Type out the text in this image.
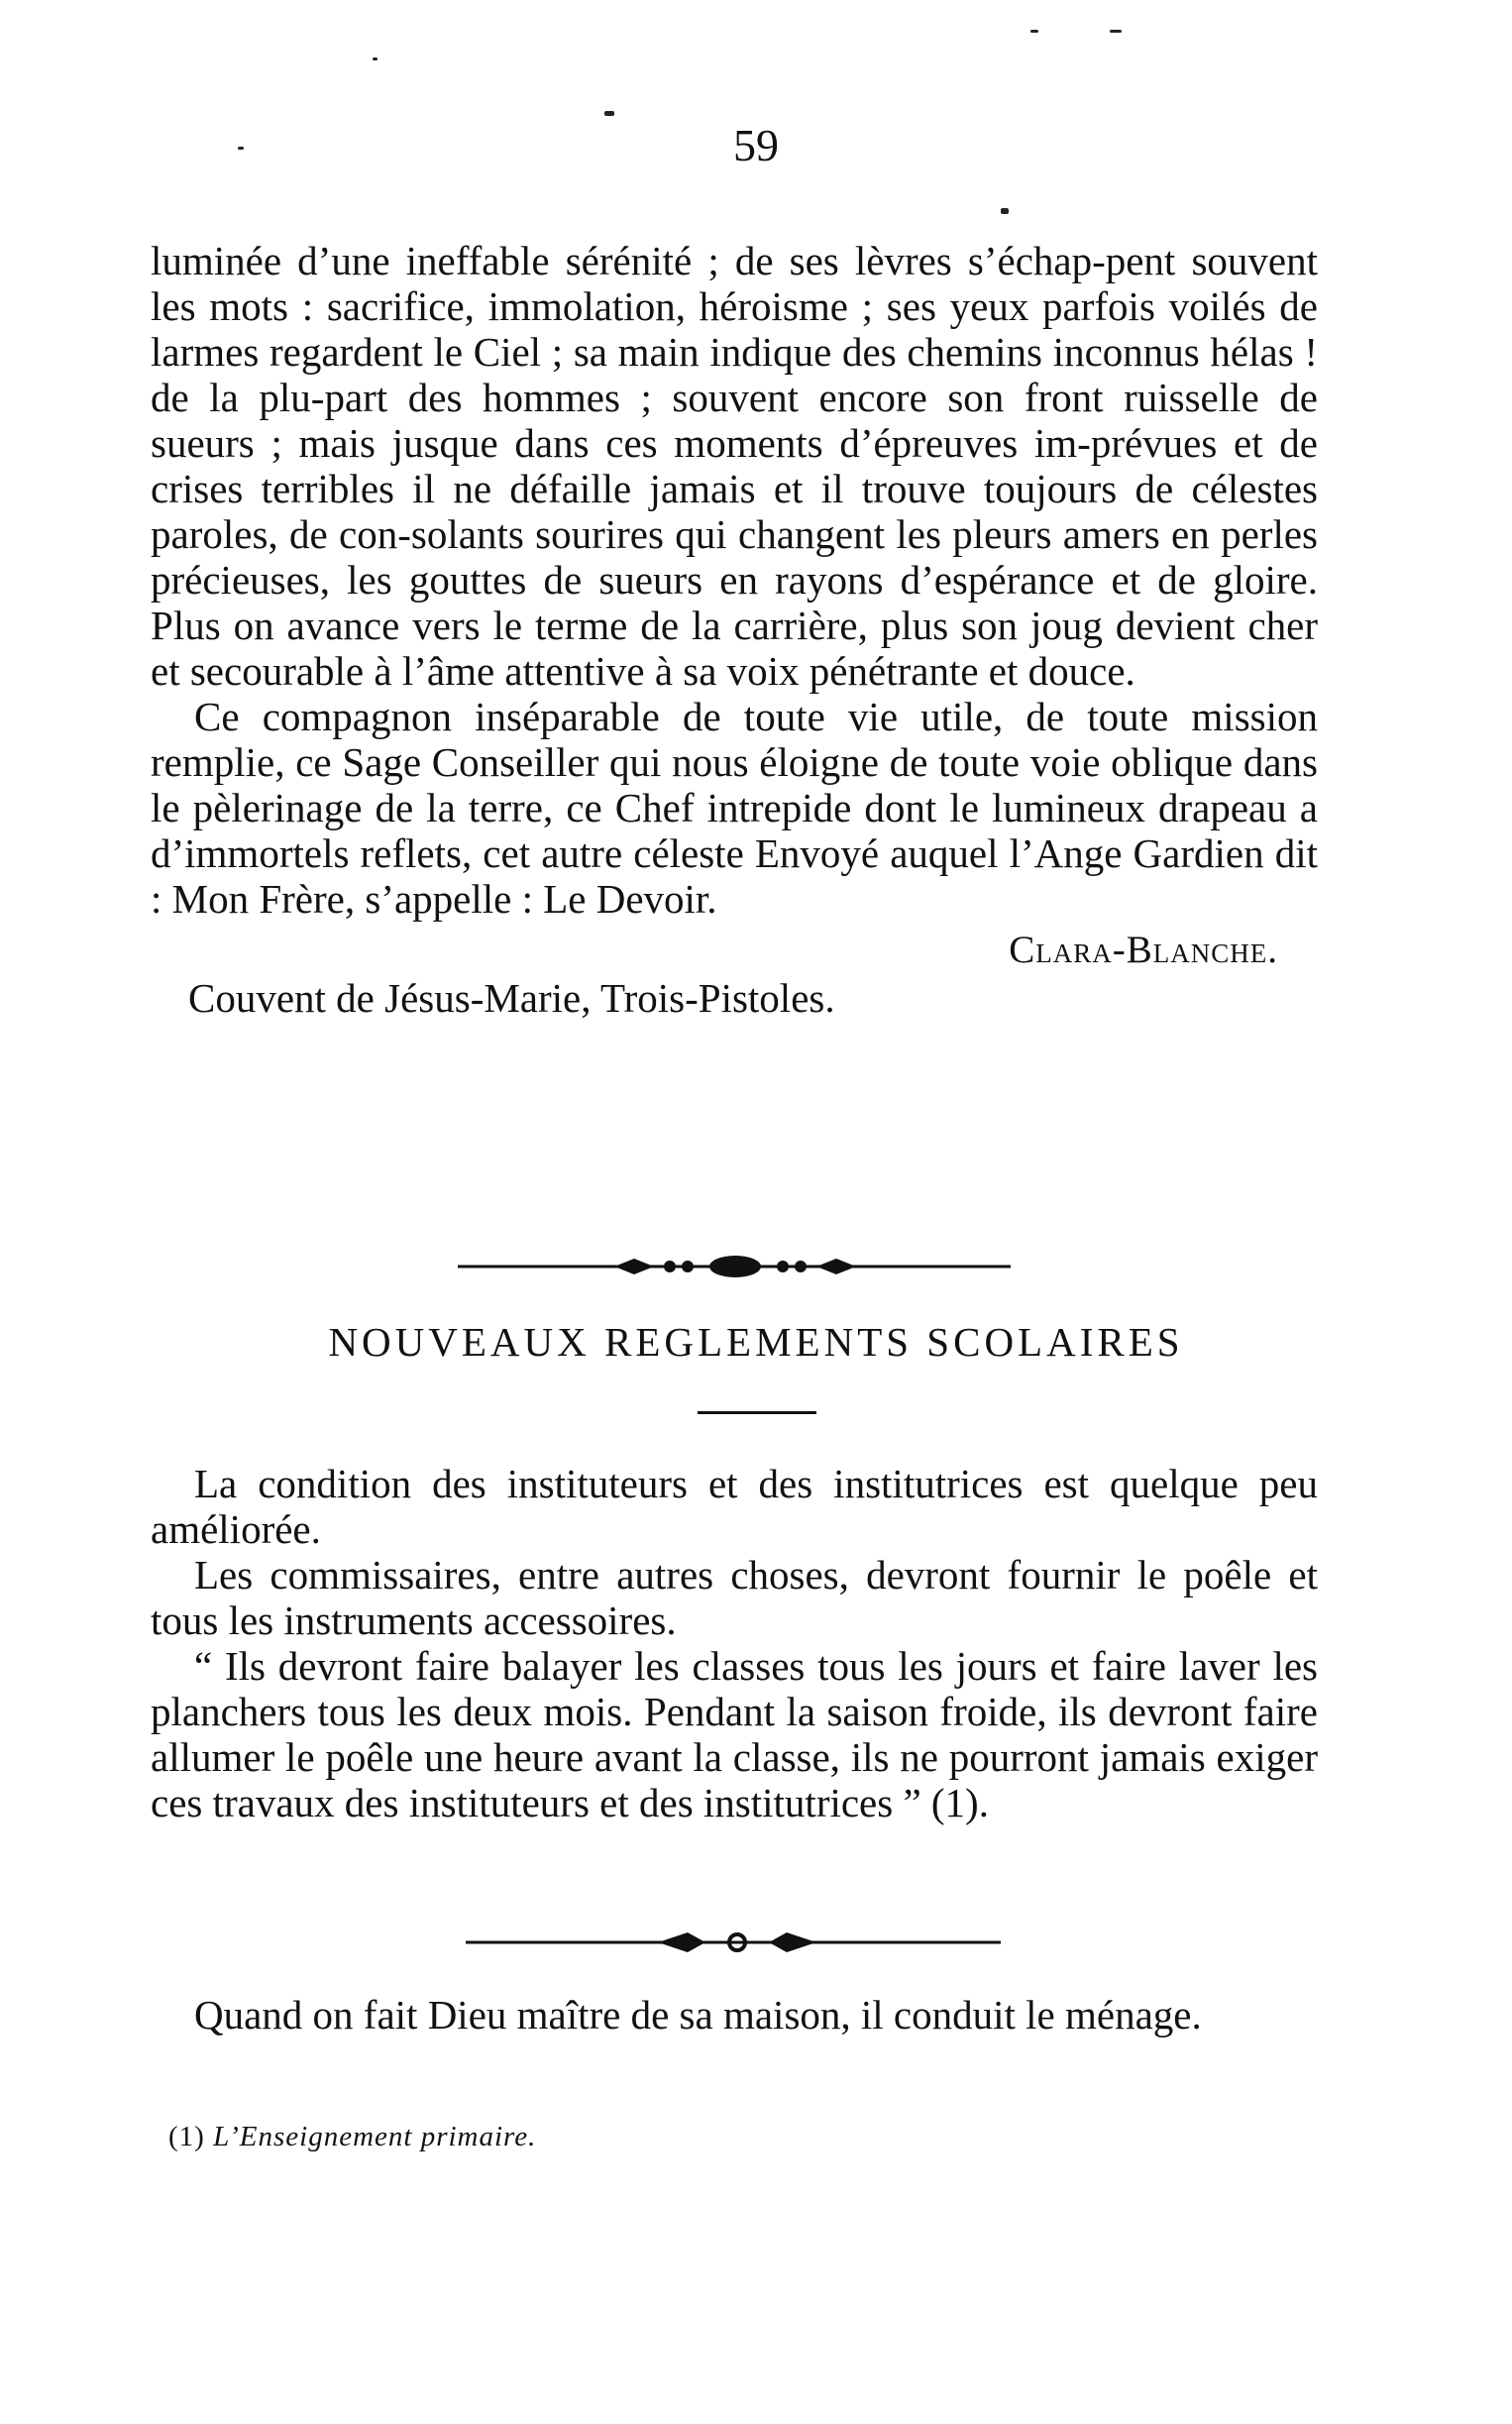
59

luminée d’une ineffable sérénité ; de ses lèvres s’échap-pent souvent les mots : sacrifice, immolation, héroisme ; ses yeux parfois voilés de larmes regardent le Ciel ; sa main indique des chemins inconnus hélas ! de la plu-part des hommes ; souvent encore son front ruisselle de sueurs ; mais jusque dans ces moments d’épreuves im-prévues et de crises terribles il ne défaille jamais et il trouve toujours de célestes paroles, de con-solants sourires qui changent les pleurs amers en perles précieuses, les gouttes de sueurs en rayons d’espérance et de gloire. Plus on avance vers le terme de la carrière, plus son joug devient cher et secourable à l’âme attentive à sa voix pénétrante et douce.

Ce compagnon inséparable de toute vie utile, de toute mission remplie, ce Sage Conseiller qui nous éloigne de toute voie oblique dans le pèlerinage de la terre, ce Chef intrepide dont le lumineux drapeau a d’immortels reflets, cet autre céleste Envoyé auquel l’Ange Gardien dit : Mon Frère, s’appelle : Le Devoir.

Clara-Blanche.
Couvent de Jésus-Marie, Trois-Pistoles.
NOUVEAUX REGLEMENTS SCOLAIRES

La condition des instituteurs et des institutrices est quelque peu améliorée.

Les commissaires, entre autres choses, devront fournir le poêle et tous les instruments accessoires.

“ Ils devront faire balayer les classes tous les jours et faire laver les planchers tous les deux mois. Pendant la saison froide, ils devront faire allumer le poêle une heure avant la classe, ils ne pourront jamais exiger ces travaux des instituteurs et des institutrices ” (1).

Quand on fait Dieu maître de sa maison, il conduit le ménage.

(1) L’Enseignement primaire.
